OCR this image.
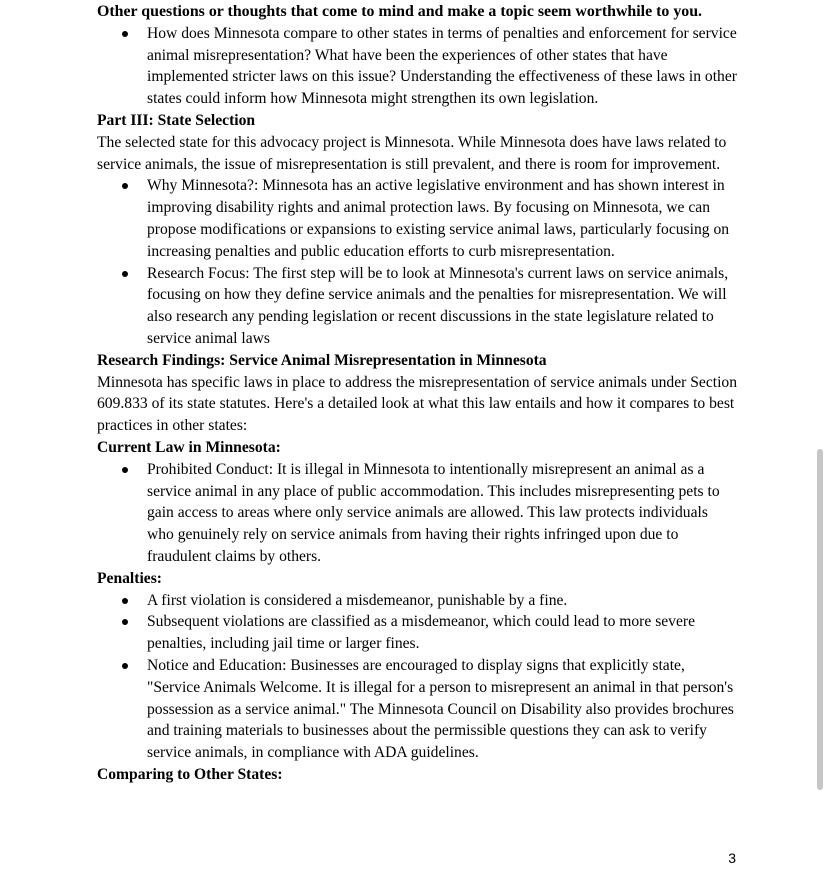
Other questions or thoughts that come to mind and make a topic seem worthwhile to you.
How does Minnesota compare to other states in terms of penalties and enforcement for service animal misrepresentation? What have been the experiences of other states that have implemented stricter laws on this issue? Understanding the effectiveness of these laws in other states could inform how Minnesota might strengthen its own legislation.
Part III: State Selection

The selected state for this advocacy project is Minnesota. While Minnesota does have laws related to service animals, the issue of misrepresentation is still prevalent, and there is room for improvement.

Why Minnesota?: Minnesota has an active legislative environment and has shown interest in improving disability rights and animal protection laws. By focusing on Minnesota, we can propose modifications or expansions to existing service animal laws, particularly focusing on increasing penalties and public education efforts to curb misrepresentation.
Research Focus: The first step will be to look at Minnesota's current laws on service animals, focusing on how they define service animals and the penalties for misrepresentation. We will also research any pending legislation or recent discussions in the state legislature related to service animal laws
Research Findings: Service Animal Misrepresentation in Minnesota

Minnesota has specific laws in place to address the misrepresentation of service animals under Section 609.833 of its state statutes. Here's a detailed look at what this law entails and how it compares to best practices in other states:

Current Law in Minnesota:
Prohibited Conduct: It is illegal in Minnesota to intentionally misrepresent an animal as a service animal in any place of public accommodation. This includes misrepresenting pets to gain access to areas where only service animals are allowed. This law protects individuals who genuinely rely on service animals from having their rights infringed upon due to fraudulent claims by others.
Penalties:
A first violation is considered a misdemeanor, punishable by a fine.
Subsequent violations are classified as a misdemeanor, which could lead to more severe penalties, including jail time or larger fines.
Notice and Education: Businesses are encouraged to display signs that explicitly state, "Service Animals Welcome. It is illegal for a person to misrepresent an animal in that person's possession as a service animal." The Minnesota Council on Disability also provides brochures and training materials to businesses about the permissible questions they can ask to verify service animals, in compliance with ADA guidelines.
Comparing to Other States:
3
